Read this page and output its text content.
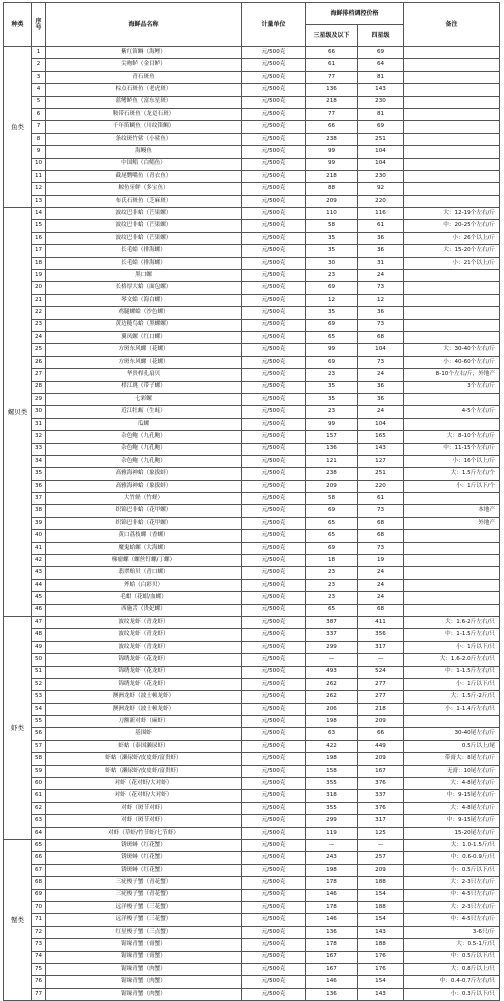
种类	序号	海鲜品名称	计量单位	海鲜排档调控价格		备注
				三星级及以下	四星级	
鱼类	1	紫红笛鲷（海鲤）	元/500克	66	69	
	2	尖吻鲈（金目鲈）	元/500克	61	64	
	3	青石斑鱼	元/500克	77	81	
	4	棕点石斑鱼（老虎斑）	元/500克	136	143	
	5	蓝鳍鲈鱼（富东星斑）	元/500克	218	230	
	6	鞍带石斑鱼（龙趸石斑）	元/500克	77	81	
	7	千年笛鲷鱼（川纹笛鲷）	元/500克	66	69	
	8	条纹斑竹鲨（小鲨鱼）	元/500克	238	251	
	9	海鳗鱼	元/500克	99	104	
	10	中国鲳（白鲳鱼）	元/500克	99	104	
	11	截尾鹦嘴鱼（青衣鱼）	元/500克	218	230	
	12	鲸鱼牙鲆（多宝鱼）	元/500克	88	92	
	13	布氏石斑鱼（芝麻斑）	元/500克	209	220	
螺贝类	14	波纹巴非蛤（芒果螺）	元/500克	110	116	大：12-19个左右/斤
	15	波纹巴非蛤（芒果螺）	元/500克	58	61	中：20-25个左右/斤
	16	波纹巴非蛤（芒果螺）	元/500克	35	36	小：26个以上/斤
	17	长毛蛤（排海螺）	元/500克	35	36	大：15-20个左右/斤
	18	长毛蛤（排海螺）	元/500克	30	31	小：21个以上/斤
	19	黑口螺	元/500克	23	24	
	20	长格厚大蛤（面包螺）	元/500克	69	73	
	21	琴文蛤（海白螺）	元/500克	12	12	
	22	鸡腿螺蛤（沙色螺）	元/500克	35	36	
	23	黄边糙鸟蛤（黑螺螺）	元/500克	69	73	
	24	翼凤螺（红口螺）	元/500克	65	68	
	25	方斑东风螺（花螺）	元/500克	99	104	大：30-40个左右/斤
	26	方斑东风螺（花螺）	元/500克	69	73	小：40-60个左右/斤
	27	华贵栉孔扇贝	元/500克	23	24	8-10个左右/斤，外地产
	28	栉江珧（带子螺）	元/500克	35	36	3个左右/斤
	29	七彩螺	元/500克	35	36	
	30	近江牡蛎（生蚝）	元/500克	23	24	4-5个左右/斤
	31	瓜螺	元/500克	99	104	
	32	杂色鲍（九孔鲍）	元/500克	157	165	大：8-10个左右/斤
	33	杂色鲍（九孔鲍）	元/500克	136	143	中：11-15个左右/斤
	34	杂色鲍（九孔鲍）	元/500克	121	127	小：16个以上/斤
	35	高雅海神蛤（象拔蚌）	元/500克	238	251	大：1.5斤左右/个
	36	高雅海神蛤（象拔蚌）	元/500克	209	220	小：1斤以下/个
	37	大竹蛏（竹蛏）	元/500克	58	61	
	38	织锦巴非蛤（花甲螺）	元/500克	69	73	本地产
	39	织锦巴非蛤（花甲螺）	元/500克	65	68	外地产
	40	黄口荔枝螺（香螺）	元/500克	65	68	
	41	魔鬼蛤螺（大海螺）	元/500克	69	73	
	42	梯瘤螺（螺丝钉螺/丁螺）	元/500克	18	19	
	43	翡翠贻贝（青口螺）	元/500克	23	24	
	44	斧蛤（白彩贝）	元/500克	23	24	
	45	毛蚶（花蚶/血螺）	元/500克	23	24	
	46	西施舌（贵妃螺）	元/500克	65	68	
虾类	47	波纹龙虾（青龙虾）	元/500克	387	411	大：1.6-2斤左右/只
	48	波纹龙虾（青龙虾）	元/500克	337	356	中：1-1.5斤左右/只
	49	波纹龙虾（青龙虾）	元/500克	299	317	小：1斤以下/只
	50	锦绣龙虾（花龙虾）	元/500克	—	—	大：1.6-2.0斤左右/只
	51	锦绣龙虾（花龙虾）	元/500克	493	524	中：1-1.5斤左右/只
	52	锦绣龙虾（花龙虾）	元/500克	262	277	小：1斤以下/只
	53	澳洲龙虾（波士顿龙虾）	元/500克	262	277	大：1.5斤-2斤/只
	54	澳洲龙虾（波士顿龙虾）	元/500克	206	218	小：1-1.4斤左右/只
	55	刀额新对虾（麻虾）	元/500克	198	209	
	56	基围虾	元/500克	63	66	30-40尾左右/斤
	57	虾蛄（泰国濑尿虾）	元/500克	422	449	0.5斤以上/尾
	58	虾蛄（濑尿虾/皮皮虾/富贵虾）	元/500克	198	209	带膏大：8尾左右/斤
	59	虾蛄（濑尿虾/皮皮虾/富贵虾）	元/500克	158	167	无膏：10尾左右/斤
	60	对虾（花对虾/大对虾）	元/500克	355	376	大：4-8尾左右/斤
	61	对虾（花对虾/大对虾）	元/500克	318	337	中：9-15尾左右/斤
	62	对虾（斑节对虾）	元/500克	355	376	大：4-8尾左右/斤
	63	对虾（斑节对虾）	元/500克	299	317	中：9-15尾左右/斤
	64	对虾（草虾/竹节虾/七节虾）	元/500克	119	125	15-20尾左右/斤
蟹类	65	锈斑蟳（红花蟹）	元/500克	—	—	大：1.0-1.5斤/只
	66	锈斑蟳（红花蟹）	元/500克	243	257	中：0.6-0.9斤/只
	67	锈斑蟳（红花蟹）	元/500克	198	209	小：0.5斤以下/只
	68	三疣梭子蟹（青花蟹）	元/500克	178	188	大：2-3只左右/斤
	69	三疣梭子蟹（青花蟹）	元/500克	146	154	中：4-5只左右/斤
	70	远洋梭子蟹（三花蟹）	元/500克	178	188	大：2-3只左右/斤
	71	远洋梭子蟹（三花蟹）	元/500克	146	154	中：4-5只左右/斤
	72	红星梭子蟹（三点蟹）	元/500克	136	143	3-6只/斤
	73	锯缘青蟹（膏蟹）	元/500克	178	188	大：0.5-1斤/只
	74	锯缘青蟹（膏蟹）	元/500克	167	176	中：0.5斤以下/只
	75	锯缘青蟹（肉蟹）	元/500克	167	176	大：0.8斤以上/只
	76	锯缘青蟹（肉蟹）	元/500克	146	154	中：0.4-0.7斤左右/只
	77	锯缘青蟹（肉蟹）	元/500克	136	143	小：0.3斤以下/只
